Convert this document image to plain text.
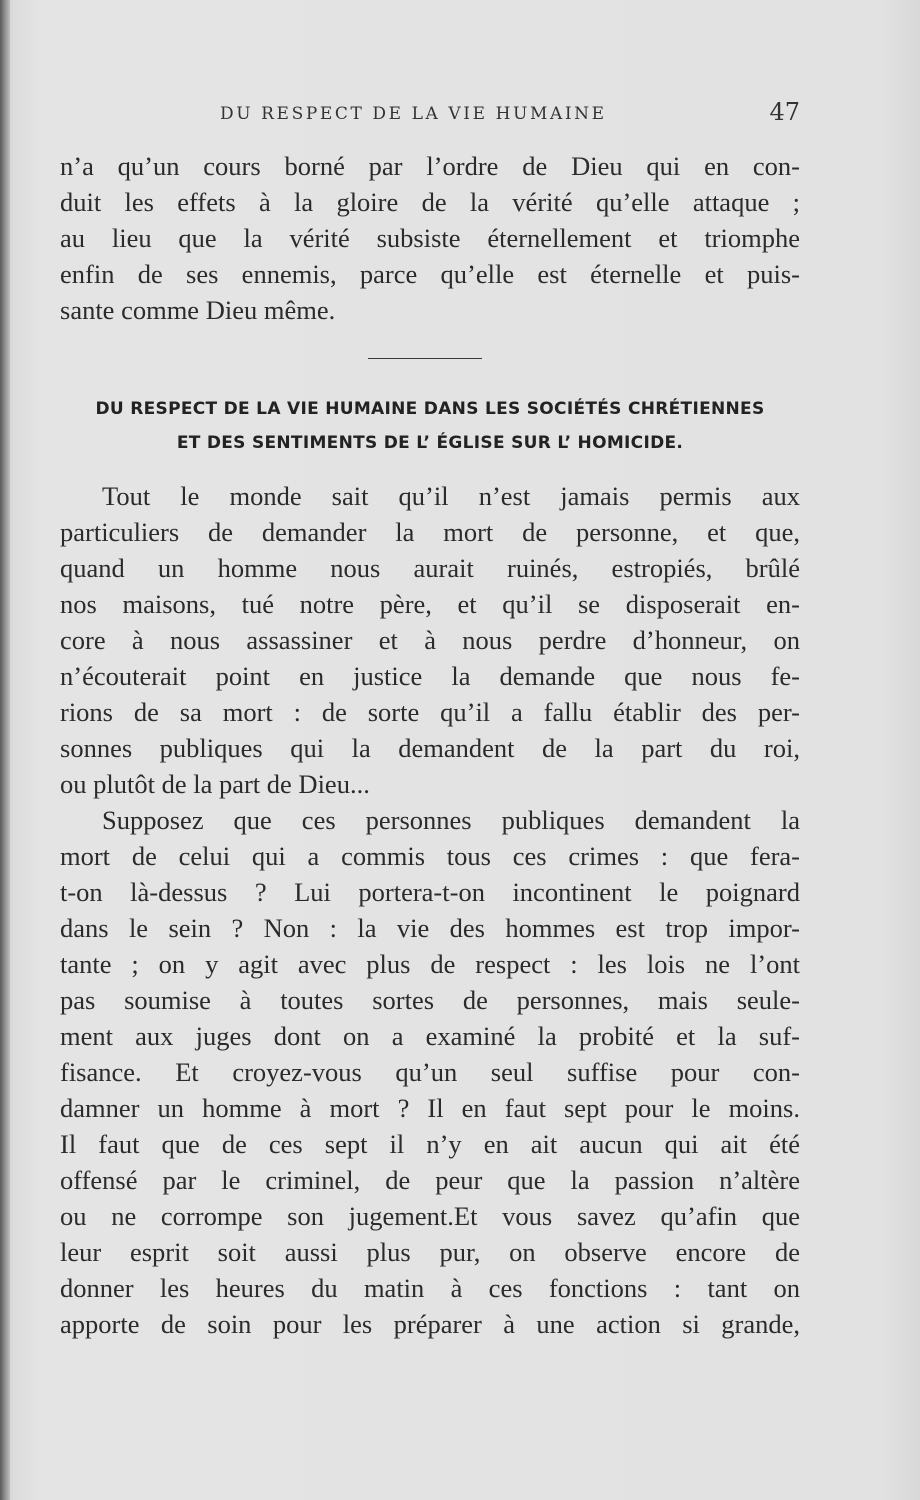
DU RESPECT DE LA VIE HUMAINE	47
n’a qu’un cours borné par l’ordre de Dieu qui en con-
duit les effets à la gloire de la vérité qu’elle attaque ;
au lieu que la vérité subsiste éternellement et triomphe
enfin de ses ennemis, parce qu’elle est éternelle et puis-
sante comme Dieu même.
DU RESPECT DE LA VIE HUMAINE DANS LES SOCIÉTÉS CHRÉTIENNES
ET DES SENTIMENTS DE L’ ÉGLISE SUR L’ HOMICIDE.
Tout le monde sait qu’il n’est jamais permis aux
particuliers de demander la mort de personne, et que,
quand un homme nous aurait ruinés, estropiés, brûlé
nos maisons, tué notre père, et qu’il se disposerait en-
core à nous assassiner et à nous perdre d’honneur, on
n’écouterait point en justice la demande que nous fe-
rions de sa mort : de sorte qu’il a fallu établir des per-
sonnes publiques qui la demandent de la part du roi,
ou plutôt de la part de Dieu...
Supposez que ces personnes publiques demandent la
mort de celui qui a commis tous ces crimes : que fera-
t-on là-dessus ? Lui portera-t-on incontinent le poignard
dans le sein ? Non : la vie des hommes est trop impor-
tante ; on y agit avec plus de respect : les lois ne l’ont
pas soumise à toutes sortes de personnes, mais seule-
ment aux juges dont on a examiné la probité et la suf-
fisance. Et croyez-vous qu’un seul suffise pour con-
damner un homme à mort ? Il en faut sept pour le moins.
Il faut que de ces sept il n’y en ait aucun qui ait été
offensé par le criminel, de peur que la passion n’altère
ou ne corrompe son jugement.Et vous savez qu’afin que
leur esprit soit aussi plus pur, on observe encore de
donner les heures du matin à ces fonctions : tant on
apporte de soin pour les préparer à une action si grande,
